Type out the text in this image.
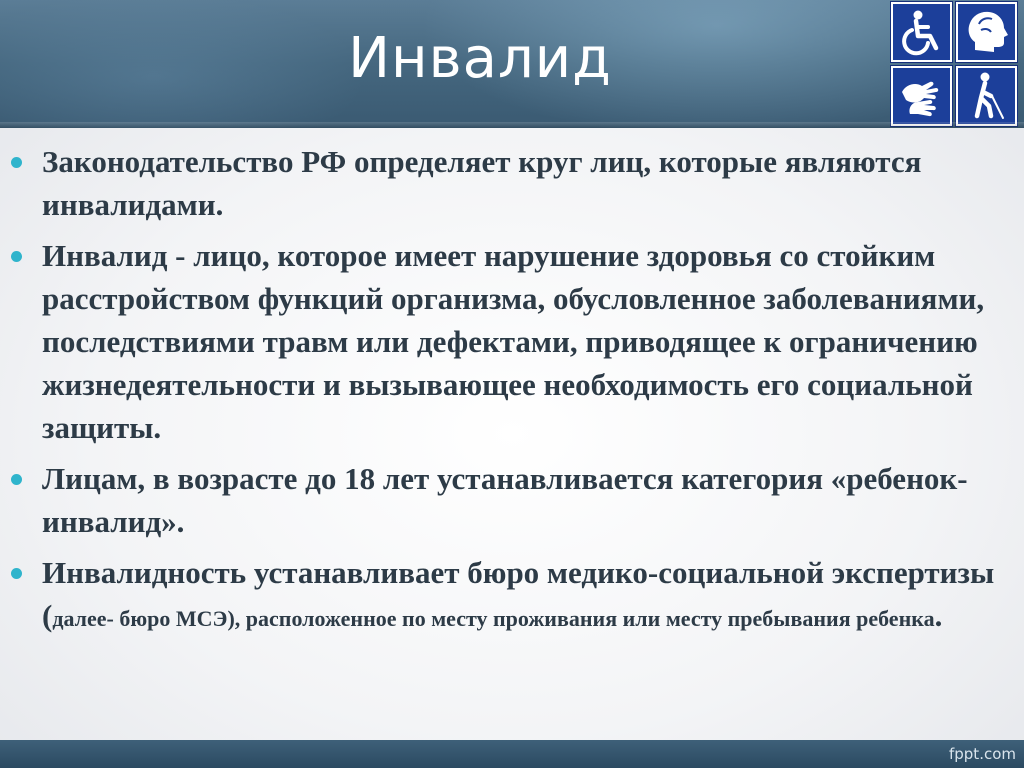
Инвалид
Законодательство РФ определяет круг лиц, которые являются инвалидами.
Инвалид - лицо, которое имеет нарушение здоровья со стойким расстройством функций организма, обусловленное заболеваниями, последствиями травм или дефектами, приводящее к ограничению жизнедеятельности и вызывающее необходимость его социальной защиты.
Лицам, в возрасте до 18 лет устанавливается категория «ребенок-инвалид».
Инвалидность устанавливает бюро медико-социальной экспертизы (далее- бюро МСЭ), расположенное по месту проживания или месту пребывания ребенка.
fppt.com
